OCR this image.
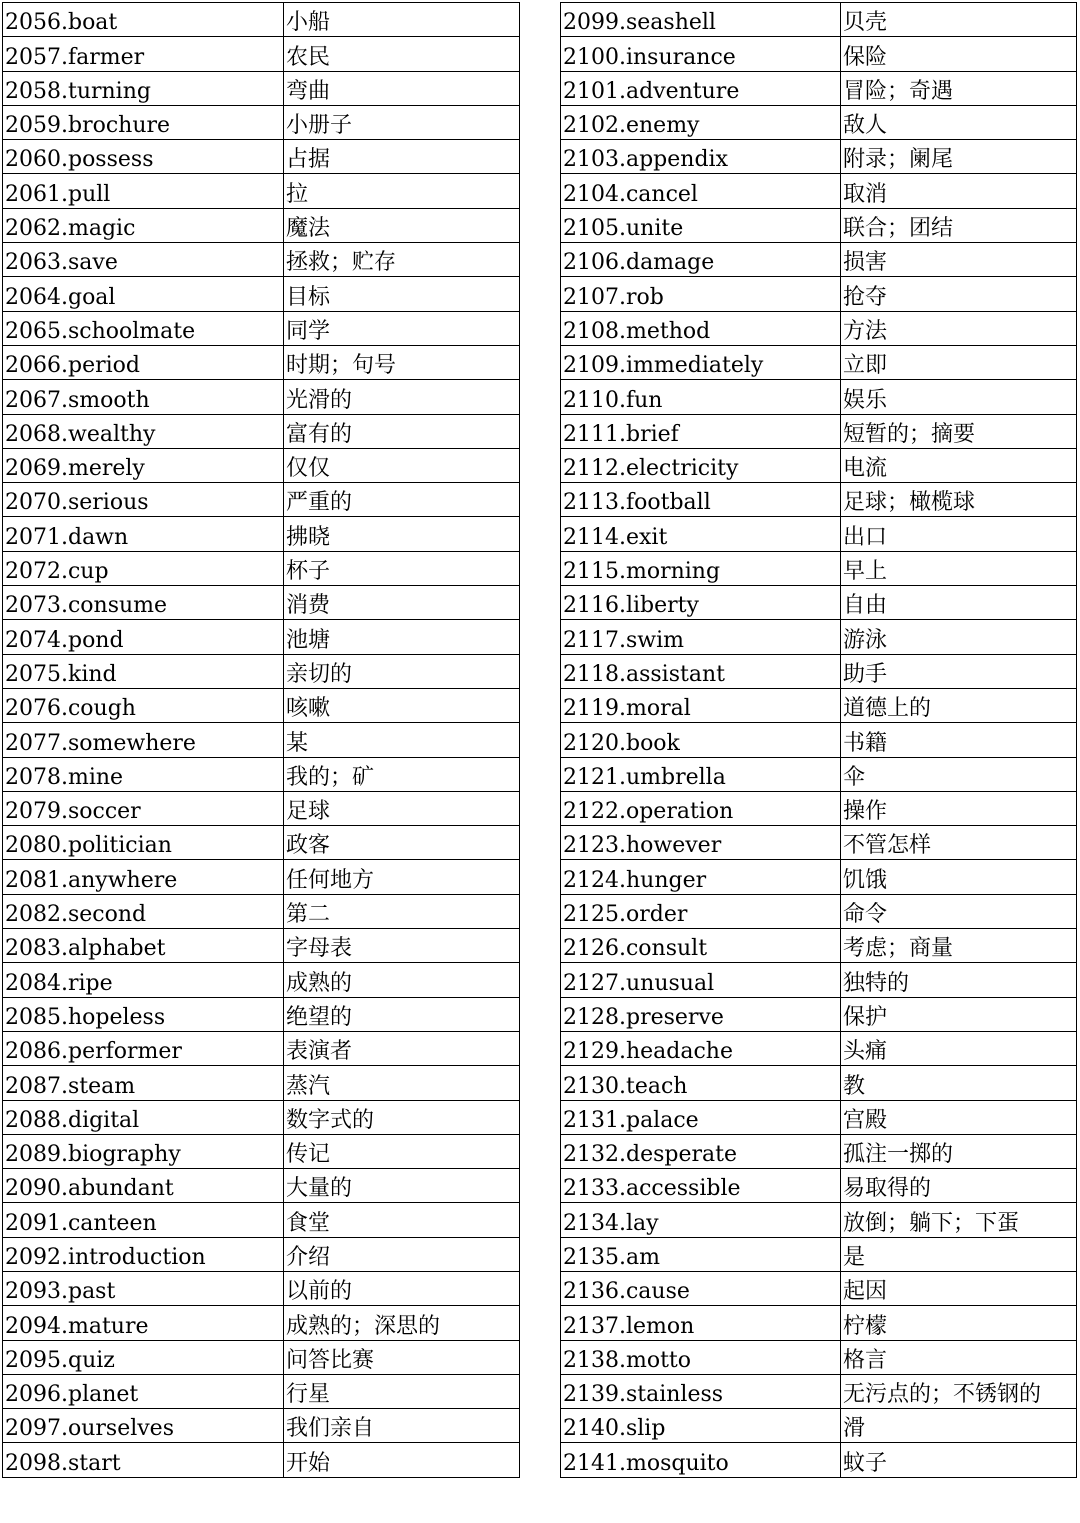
2056.boat	小船
2057.farmer	农民
2058.turning	弯曲
2059.brochure	小册子
2060.possess	占据
2061.pull	拉
2062.magic	魔法
2063.save	拯救；贮存
2064.goal	目标
2065.schoolmate	同学
2066.period	时期；句号
2067.smooth	光滑的
2068.wealthy	富有的
2069.merely	仅仅
2070.serious	严重的
2071.dawn	拂晓
2072.cup	杯子
2073.consume	消费
2074.pond	池塘
2075.kind	亲切的
2076.cough	咳嗽
2077.somewhere	某
2078.mine	我的；矿
2079.soccer	足球
2080.politician	政客
2081.anywhere	任何地方
2082.second	第二
2083.alphabet	字母表
2084.ripe	成熟的
2085.hopeless	绝望的
2086.performer	表演者
2087.steam	蒸汽
2088.digital	数字式的
2089.biography	传记
2090.abundant	大量的
2091.canteen	食堂
2092.introduction	介绍
2093.past	以前的
2094.mature	成熟的；深思的
2095.quiz	问答比赛
2096.planet	行星
2097.ourselves	我们亲自
2098.start	开始
2099.seashell	贝壳
2100.insurance	保险
2101.adventure	冒险；奇遇
2102.enemy	敌人
2103.appendix	附录；阑尾
2104.cancel	取消
2105.unite	联合；团结
2106.damage	损害
2107.rob	抢夺
2108.method	方法
2109.immediately	立即
2110.fun	娱乐
2111.brief	短暂的；摘要
2112.electricity	电流
2113.football	足球；橄榄球
2114.exit	出口
2115.morning	早上
2116.liberty	自由
2117.swim	游泳
2118.assistant	助手
2119.moral	道德上的
2120.book	书籍
2121.umbrella	伞
2122.operation	操作
2123.however	不管怎样
2124.hunger	饥饿
2125.order	命令
2126.consult	考虑；商量
2127.unusual	独特的
2128.preserve	保护
2129.headache	头痛
2130.teach	教
2131.palace	宫殿
2132.desperate	孤注一掷的
2133.accessible	易取得的
2134.lay	放倒；躺下；下蛋
2135.am	是
2136.cause	起因
2137.lemon	柠檬
2138.motto	格言
2139.stainless	无污点的；不锈钢的
2140.slip	滑
2141.mosquito	蚊子
